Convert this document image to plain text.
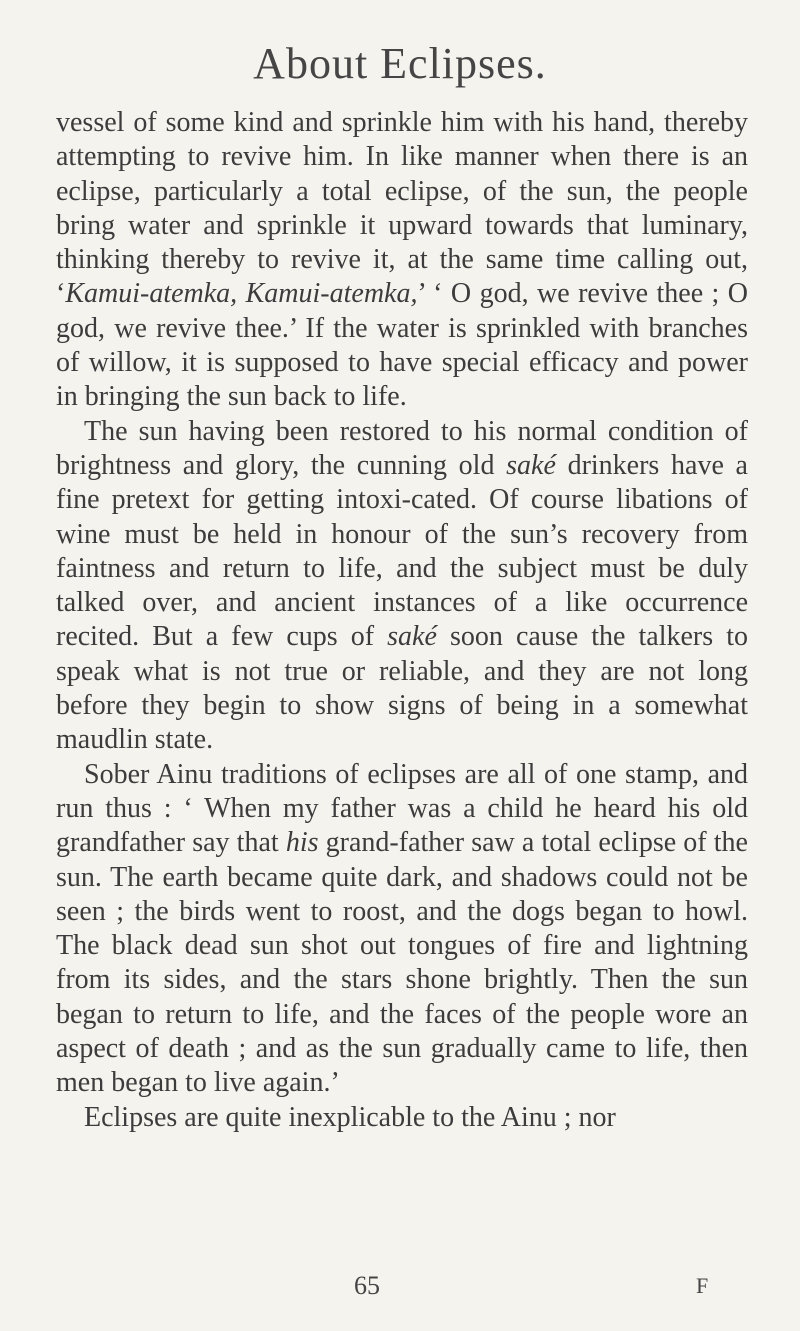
About Eclipses.

vessel of some kind and sprinkle him with his hand, thereby attempting to revive him. In like manner when there is an eclipse, particularly a total eclipse, of the sun, the people bring water and sprinkle it upward towards that luminary, thinking thereby to revive it, at the same time calling out, ‘Kamui-atemka, Kamui-atemka,’ ‘ O god, we revive thee ; O god, we revive thee.’ If the water is sprinkled with branches of willow, it is supposed to have special efficacy and power in bringing the sun back to life.

The sun having been restored to his normal condition of brightness and glory, the cunning old saké drinkers have a fine pretext for getting intoxi-cated. Of course libations of wine must be held in honour of the sun’s recovery from faintness and return to life, and the subject must be duly talked over, and ancient instances of a like occurrence recited. But a few cups of saké soon cause the talkers to speak what is not true or reliable, and they are not long before they begin to show signs of being in a somewhat maudlin state.

Sober Ainu traditions of eclipses are all of one stamp, and run thus : ‘ When my father was a child he heard his old grandfather say that his grand-father saw a total eclipse of the sun. The earth became quite dark, and shadows could not be seen ; the birds went to roost, and the dogs began to howl. The black dead sun shot out tongues of fire and lightning from its sides, and the stars shone brightly. Then the sun began to return to life, and the faces of the people wore an aspect of death ; and as the sun gradually came to life, then men began to live again.’

Eclipses are quite inexplicable to the Ainu ; nor

65	F
